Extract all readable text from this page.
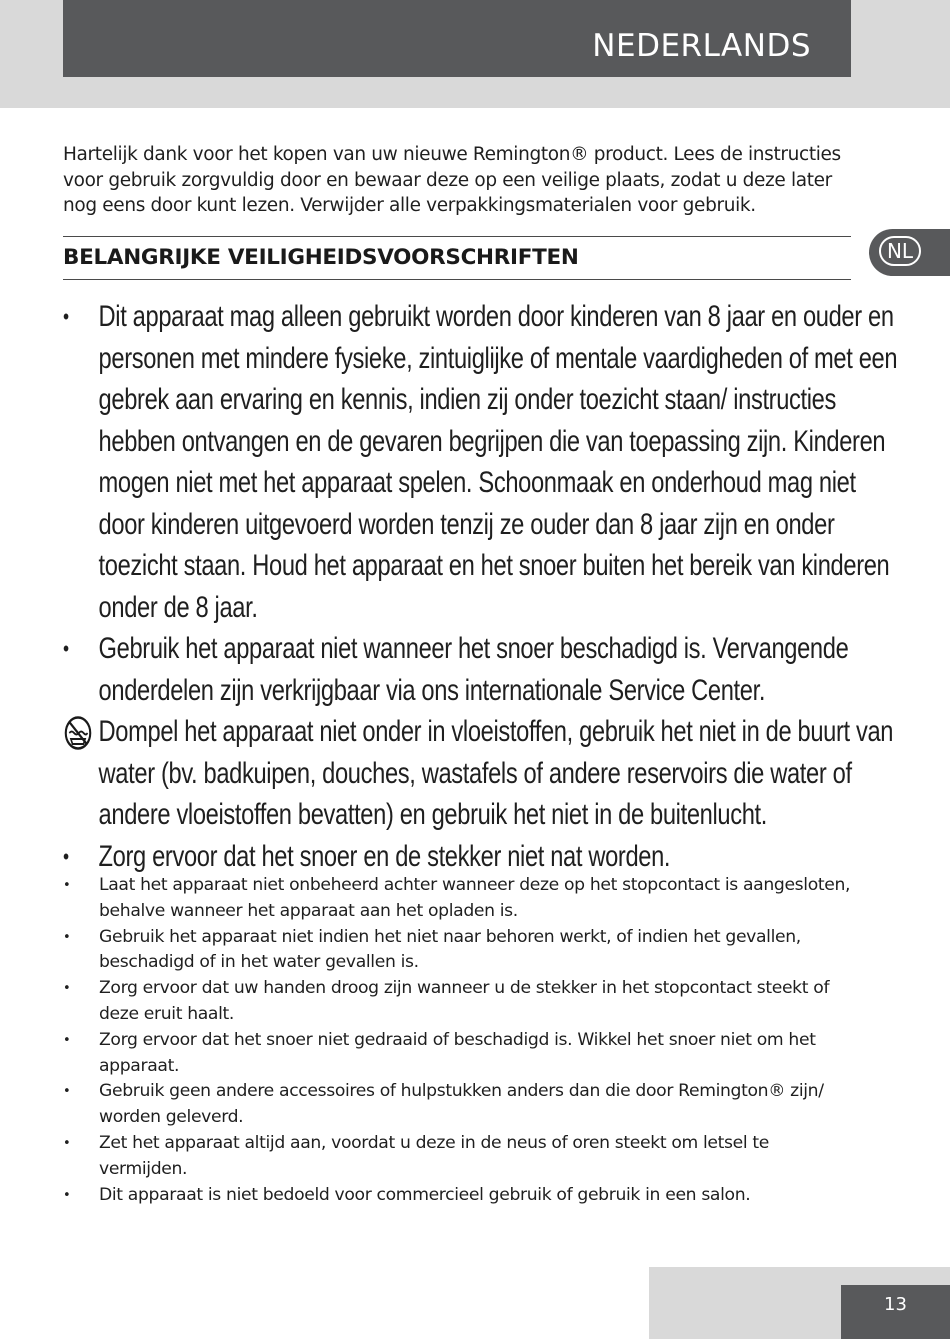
NEDERLANDS
NL

Hartelijk dank voor het kopen van uw nieuwe Remington® product. Lees de instructies voor gebruik zorgvuldig door en bewaar deze op een veilige plaats, zodat u deze later nog eens door kunt lezen. Verwijder alle verpakkingsmaterialen voor gebruik.

BELANGRIJKE VEILIGHEIDSVOORSCHRIFTEN
• Dit apparaat mag alleen gebruikt worden door kinderen van 8 jaar en ouder en personen met mindere fysieke, zintuiglijke of mentale vaardigheden of met een gebrek aan ervaring en kennis, indien zij onder toezicht staan/ instructies hebben ontvangen en de gevaren begrijpen die van toepassing zijn. Kinderen mogen niet met het apparaat spelen. Schoonmaak en onderhoud mag niet door kinderen uitgevoerd worden tenzij ze ouder dan 8 jaar zijn en onder toezicht staan. Houd het apparaat en het snoer buiten het bereik van kinderen onder de 8 jaar.
• Gebruik het apparaat niet wanneer het snoer beschadigd is. Vervangende onderdelen zijn verkrijgbaar via ons internationale Service Center.
Dompel het apparaat niet onder in vloeistoffen, gebruik het niet in de buurt van water (bv. badkuipen, douches, wastafels of andere reservoirs die water of andere vloeistoffen bevatten) en gebruik het niet in de buitenlucht.
• Zorg ervoor dat het snoer en de stekker niet nat worden.
• Laat het apparaat niet onbeheerd achter wanneer deze op het stopcontact is aangesloten, behalve wanneer het apparaat aan het opladen is.
• Gebruik het apparaat niet indien het niet naar behoren werkt, of indien het gevallen, beschadigd of in het water gevallen is.
• Zorg ervoor dat uw handen droog zijn wanneer u de stekker in het stopcontact steekt of deze eruit haalt.
• Zorg ervoor dat het snoer niet gedraaid of beschadigd is. Wikkel het snoer niet om het apparaat.
• Gebruik geen andere accessoires of hulpstukken anders dan die door Remington® zijn/ worden geleverd.
• Zet het apparaat altijd aan, voordat u deze in de neus of oren steekt om letsel te vermijden.
• Dit apparaat is niet bedoeld voor commercieel gebruik of gebruik in een salon.
13
